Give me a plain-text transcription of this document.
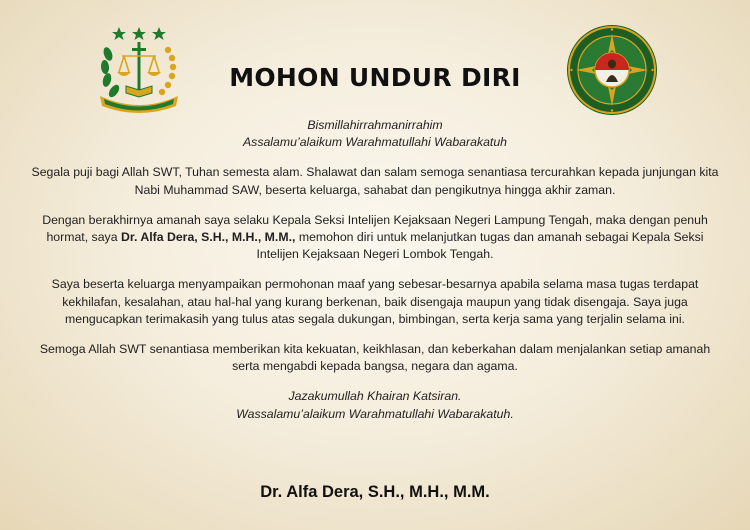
MOHON UNDUR DIRI

Bismillahirrahmanirrahim

Assalamu’alaikum Warahmatullahi Wabarakatuh

Segala puji bagi Allah SWT, Tuhan semesta alam. Shalawat dan salam semoga senantiasa tercurahkan kepada junjungan kita Nabi Muhammad SAW, beserta keluarga, sahabat dan pengikutnya hingga akhir zaman.

Dengan berakhirnya amanah saya selaku Kepala Seksi Intelijen Kejaksaan Negeri Lampung Tengah, maka dengan penuh hormat, saya Dr. Alfa Dera, S.H., M.H., M.M., memohon diri untuk melanjutkan tugas dan amanah sebagai Kepala Seksi Intelijen Kejaksaan Negeri Lombok Tengah.

Saya beserta keluarga menyampaikan permohonan maaf yang sebesar-besarnya apabila selama masa tugas terdapat kekhilafan, kesalahan, atau hal-hal yang kurang berkenan, baik disengaja maupun yang tidak disengaja. Saya juga mengucapkan terimakasih yang tulus atas segala dukungan, bimbingan, serta kerja sama yang terjalin selama ini.

Semoga Allah SWT senantiasa memberikan kita kekuatan, keikhlasan, dan keberkahan dalam menjalankan setiap amanah serta mengabdi kepada bangsa, negara dan agama.

Jazakumullah Khairan Katsiran.

Wassalamu’alaikum Warahmatullahi Wabarakatuh.

Dr. Alfa Dera, S.H., M.H., M.M.
